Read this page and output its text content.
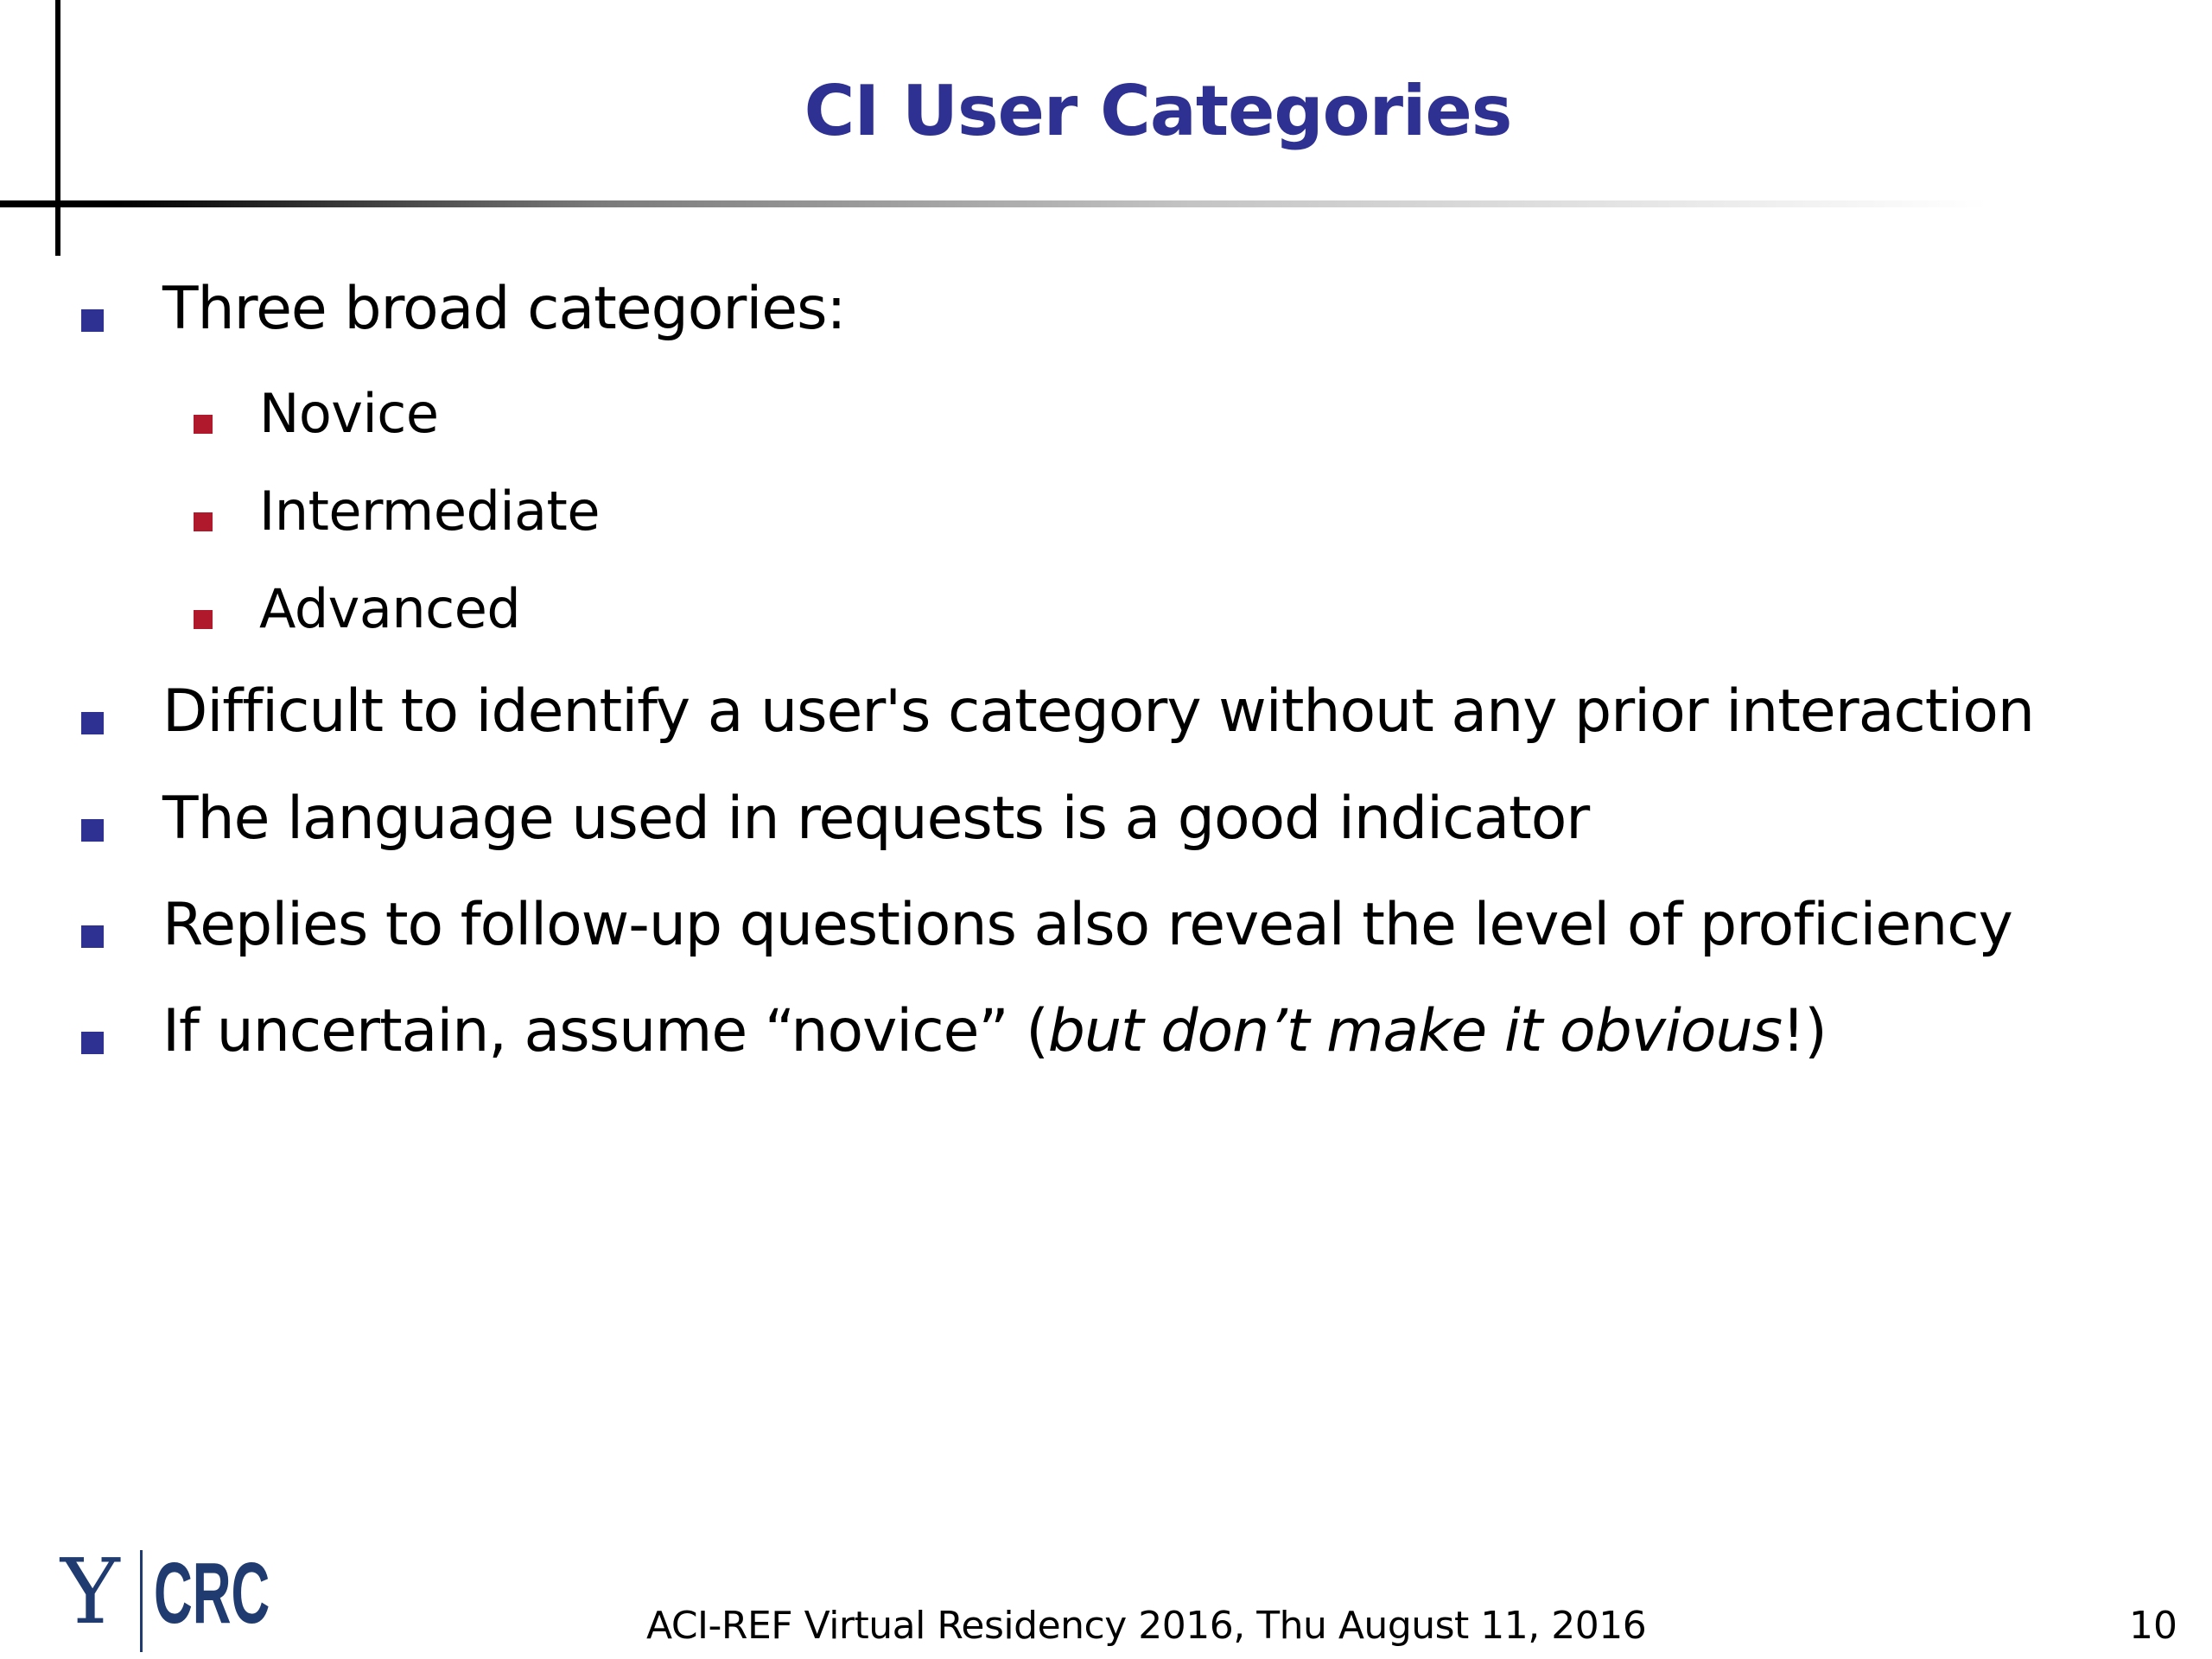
CI User Categories
Three broad categories:
Novice
Intermediate
Advanced
Difficult to identify a user's category without any prior interaction
The language used in requests is a good indicator
Replies to follow-up questions also reveal the level of proficiency
If uncertain, assume “novice” (but don’t make it obvious!)
Y CRC	ACI-REF Virtual Residency 2016, Thu August 11, 2016	10
